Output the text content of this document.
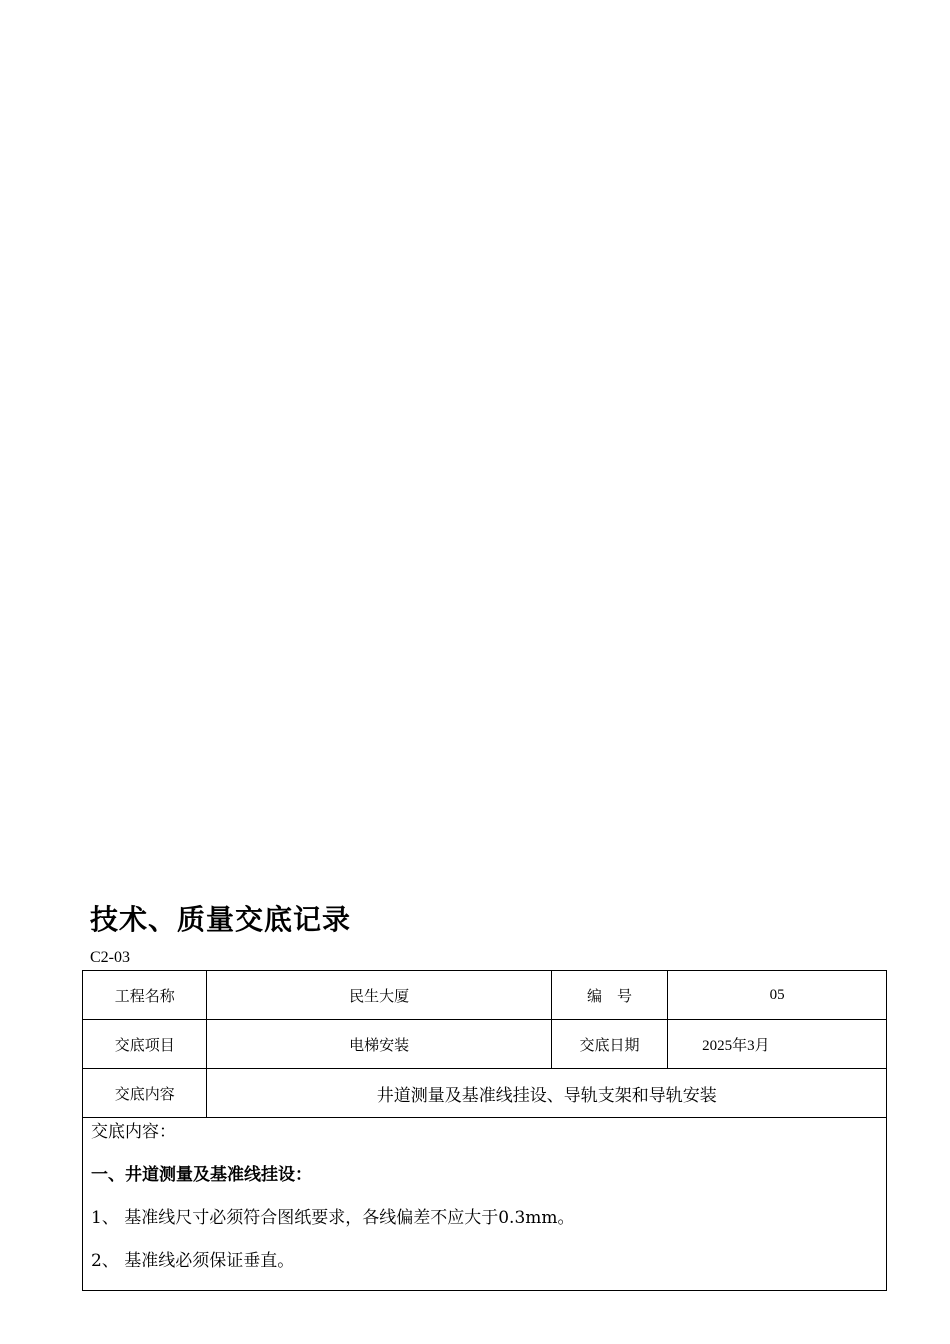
技术、质量交底记录
C2-03
工程名称	民生大厦	编　号	05
交底项目	电梯安装	交底日期	2025年3月
交底内容	井道测量及基准线挂设、导轨支架和导轨安装		

交底内容：

一、井道测量及基准线挂设：

1、 基准线尺寸必须符合图纸要求，各线偏差不应大于0.3mm。

2、 基准线必须保证垂直。			
